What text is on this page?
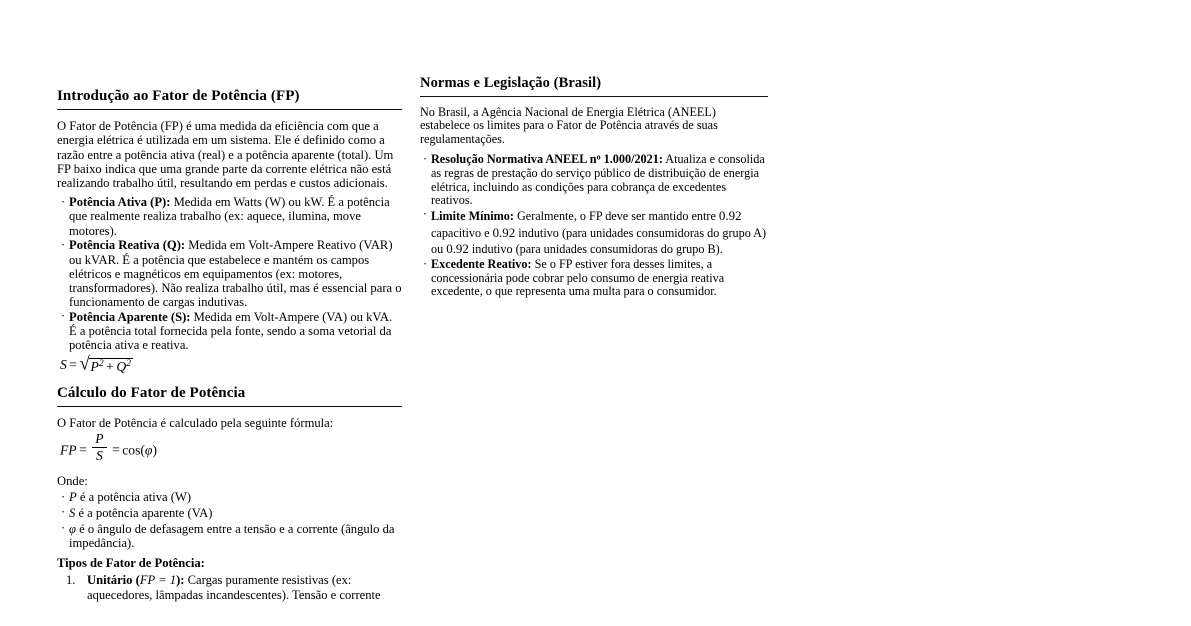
Introdução ao Fator de Potência (FP)

O Fator de Potência (FP) é uma medida da eficiência com que a energia elétrica é utilizada em um sistema. Ele é definido como a razão entre a potência ativa (real) e a potência aparente (total). Um FP baixo indica que uma grande parte da corrente elétrica não está realizando trabalho útil, resultando em perdas e custos adicionais.

· Potência Ativa (P): Medida em Watts (W) ou kW. É a potência que realmente realiza trabalho (ex: aquece, ilumina, move motores).
· Potência Reativa (Q): Medida em Volt-Ampere Reativo (VAR) ou kVAR. É a potência que estabelece e mantém os campos elétricos e magnéticos em equipamentos (ex: motores, transformadores). Não realiza trabalho útil, mas é essencial para o funcionamento de cargas indutivas.
· Potência Aparente (S): Medida em Volt-Ampere (VA) ou kVA. É a potência total fornecida pela fonte, sendo a soma vetorial da potência ativa e reativa.
S = √ $P^2 + Q^2$
Cálculo do Fator de Potência

O Fator de Potência é calculado pela seguinte fórmula:

FP = $\frac{P}{S} = \cos(\varphi)$

Onde:

· P é a potência ativa (W)
· S é a potência aparente (VA)
· φ é o ângulo de defasagem entre a tensão e a corrente (ângulo da impedância).

Tipos de Fator de Potência:

Unitário (FP = 1): Cargas puramente resistivas (ex: aquecedores, lâmpadas incandescentes). Tensão e corrente
Normas e Legislação (Brasil)

No Brasil, a Agência Nacional de Energia Elétrica (ANEEL) estabelece os limites para o Fator de Potência através de suas regulamentações.

· Resolução Normativa ANEEL $n^o$ 1.000/2021: Atualiza e consolida as regras de prestação do serviço público de distribuição de energia elétrica, incluindo as condições para cobrança de excedentes reativos.
· Limite Mínimo: Geralmente, o FP deve ser mantido entre 0.92 capacitivo e 0.92 indutivo (para unidades consumidoras do grupo A) ou 0.92 indutivo (para unidades consumidoras do grupo B).
· Excedente Reativo: Se o FP estiver fora desses limites, a concessionária pode cobrar pelo consumo de energia reativa excedente, o que representa uma multa para o consumidor.
